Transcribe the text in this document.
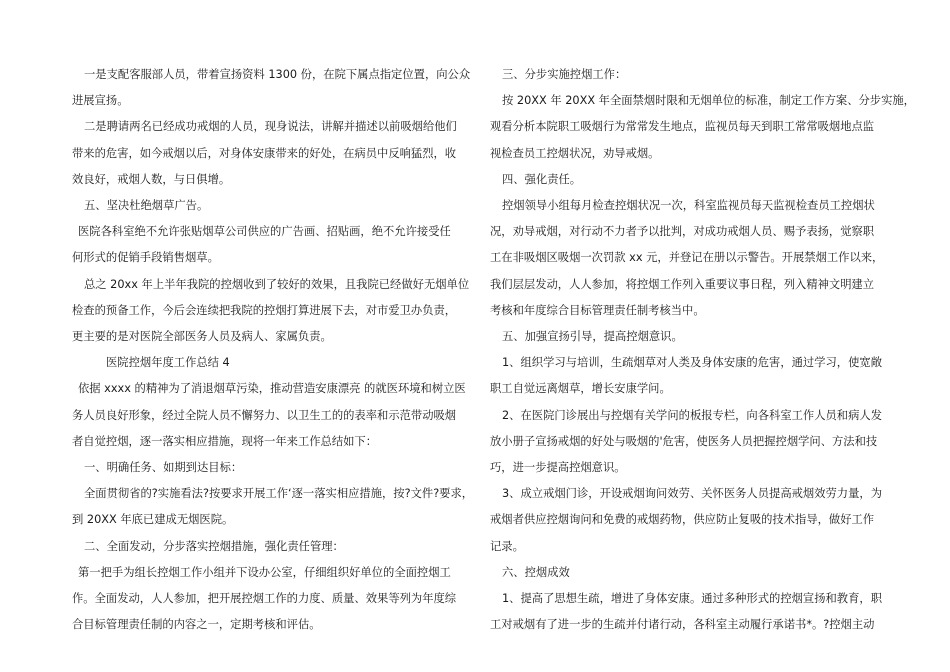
一是支配客服部人员，带着宣扬资料 1300 份，在院下属点指定位置，向公众

进展宣扬。

二是聘请两名已经成功戒烟的人员，现身说法，讲解并描述以前吸烟给他们

带来的危害，如今戒烟以后，对身体安康带来的好处，在病员中反响猛烈，收

效良好，戒烟人数，与日俱增。

五、坚决杜绝烟草广告。

医院各科室绝不允许张贴烟草公司供应的广告画、招贴画，绝不允许接受任

何形式的促销手段销售烟草。

总之 20xx 年上半年我院的控烟收到了较好的效果，且我院已经做好无烟单位

检查的预备工作，今后会连续把我院的控烟打算进展下去，对市爱卫办负责，

更主要的是对医院全部医务人员及病人、家属负责。

医院控烟年度工作总结 4

依据 xxxx 的精神为了消退烟草污染，推动营造安康漂亮 的就医环境和树立医

务人员良好形象，经过全院人员不懈努力、以卫生工的的表率和示范带动吸烟

者自觉控烟，逐一落实相应措施，现将一年来工作总结如下：

一、明确任务、如期到达目标：

全面贯彻省的?实施看法?按要求开展工作‘逐一落实相应措施，按?文件?要求，

到 20XX 年底已建成无烟医院。

二、全面发动，分步落实控烟措施，强化责任管理：

第一把手为组长控烟工作小组并下设办公室，仔细组织好单位的全面控烟工

作。全面发动，人人参加，把开展控烟工作的力度、质量、效果等列为年度综

合目标管理责任制的内容之一，定期考核和评估。

三、分步实施控烟工作：

按 20XX 年 20XX 年全面禁烟时限和无烟单位的标准，制定工作方案、分步实施，

观看分析本院职工吸烟行为常常发生地点，监视员每天到职工常常吸烟地点监

视检查员工控烟状况，劝导戒烟。

四、强化责任。

控烟领导小组每月检查控烟状况一次，科室监视员每天监视检查员工控烟状

况，劝导戒烟，对行动不力者予以批判，对成功戒烟人员、赐予表扬，觉察职

工在非吸烟区吸烟一次罚款 xx 元，并登记在册以示警告。开展禁烟工作以来，

我们层层发动，人人参加，将控烟工作列入重要议事日程，列入精神文明建立

考核和年度综合目标管理责任制考核当中。

五、加强宣扬引导，提高控烟意识。

1、组织学习与培训，生疏烟草对人类及身体安康的危害，通过学习，使宽敞

职工自觉远离烟草，增长安康学问。

2、在医院门诊展出与控烟有关学问的板报专栏，向各科室工作人员和病人发

放小册子宣扬戒烟的好处与吸烟的'危害，使医务人员把握控烟学问、方法和技

巧，进一步提高控烟意识。

3、成立戒烟门诊，开设戒烟询问效劳、关怀医务人员提高戒烟效劳力量，为

戒烟者供应控烟询问和免费的戒烟药物，供应防止复吸的技术指导，做好工作

记录。

六、控烟成效

1、提高了思想生疏，增进了身体安康。通过多种形式的控烟宣扬和教育，职

工对戒烟有了进一步的生疏并付诸行动，各科室主动履行承诺书*。?控烟主动
